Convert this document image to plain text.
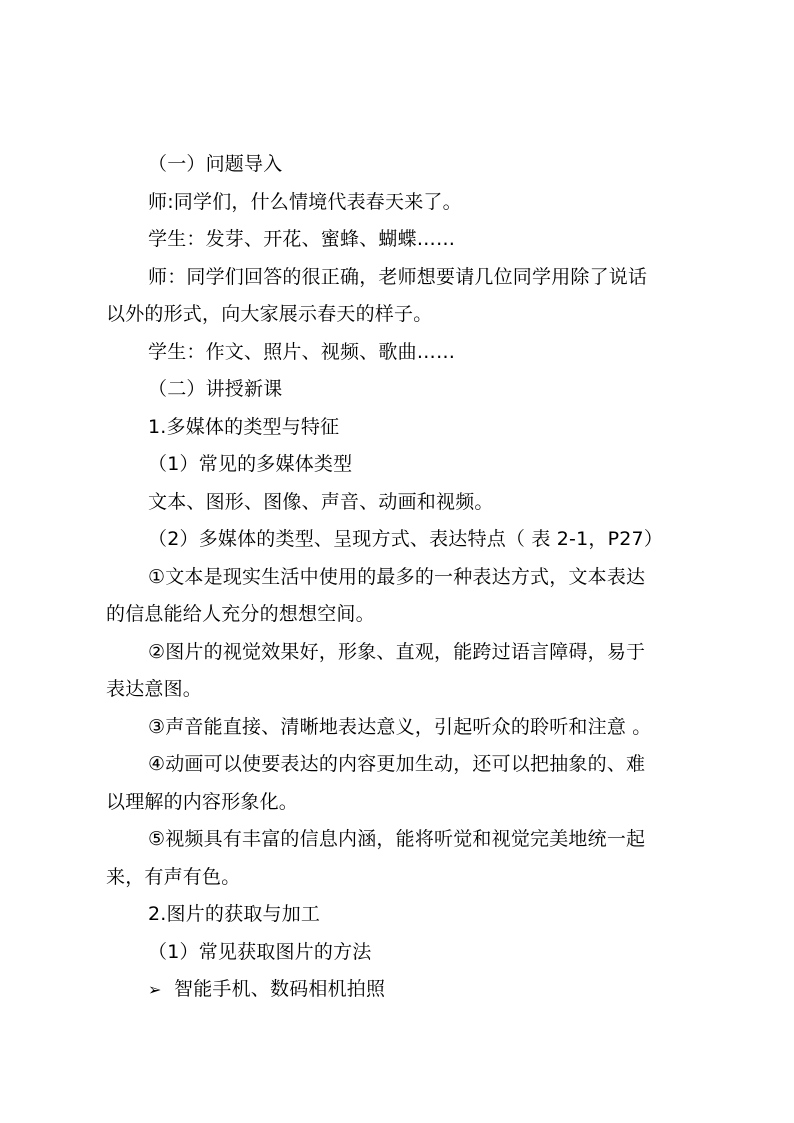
（一）问题导入
师:同学们，什么情境代表春天来了。
学生：发芽、开花、蜜蜂、蝴蝶……
师：同学们回答的很正确，老师想要请几位同学用除了说话
以外的形式，向大家展示春天的样子。
学生：作文、照片、视频、歌曲……
（二）讲授新课
1.多媒体的类型与特征
（1）常见的多媒体类型
文本、图形、图像、声音、动画和视频。
（2）多媒体的类型、呈现方式、表达特点（ 表 2-1，P27）
①文本是现实生活中使用的最多的一种表达方式，文本表达
的信息能给人充分的想想空间。
②图片的视觉效果好，形象、直观，能跨过语言障碍，易于
表达意图。
③声音能直接、清晰地表达意义，引起听众的聆听和注意 。
④动画可以使要表达的内容更加生动，还可以把抽象的、难
以理解的内容形象化。
⑤视频具有丰富的信息内涵，能将听觉和视觉完美地统一起
来，有声有色。
2.图片的获取与加工
（1）常见获取图片的方法
➢ 智能手机、数码相机拍照
